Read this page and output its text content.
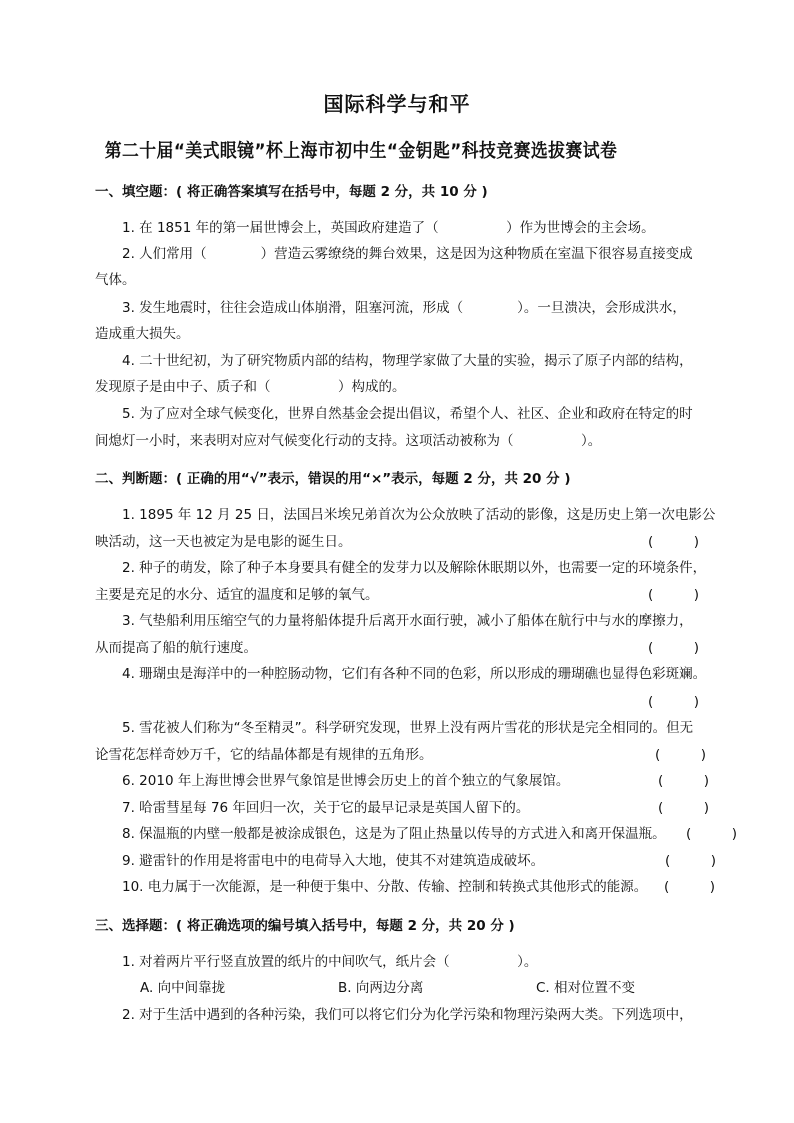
国际科学与和平
第二十届“美式眼镜”杯上海市初中生“金钥匙”科技竞赛选拔赛试卷
一、填空题：( 将正确答案填写在括号中，每题 2 分，共 10 分 )
1. 在 1851 年的第一届世博会上，英国政府建造了（　　　　　）作为世博会的主会场。
2. 人们常用（　　　　）营造云雾缭绕的舞台效果，这是因为这种物质在室温下很容易直接变成
气体。
3. 发生地震时，往往会造成山体崩滑，阻塞河流，形成（　　　　）。一旦溃决，会形成洪水，
造成重大损失。
4. 二十世纪初，为了研究物质内部的结构，物理学家做了大量的实验，揭示了原子内部的结构，
发现原子是由中子、质子和（　　　　　）构成的。
5. 为了应对全球气候变化，世界自然基金会提出倡议，希望个人、社区、企业和政府在特定的时
间熄灯一小时，来表明对应对气候变化行动的支持。这项活动被称为（　　　　　）。
二、判断题：( 正确的用“√”表示，错误的用“×”表示，每题 2 分，共 20 分 )
1. 1895 年 12 月 25 日，法国吕米埃兄弟首次为公众放映了活动的影像，这是历史上第一次电影公
映活动，这一天也被定为是电影的诞生日。	(　　　)
2. 种子的萌发，除了种子本身要具有健全的发芽力以及解除休眠期以外，也需要一定的环境条件，
主要是充足的水分、适宜的温度和足够的氧气。	(　　　)
3. 气垫船利用压缩空气的力量将船体提升后离开水面行驶，减小了船体在航行中与水的摩擦力，
从而提高了船的航行速度。	(　　　)
4. 珊瑚虫是海洋中的一种腔肠动物，它们有各种不同的色彩，所以形成的珊瑚礁也显得色彩斑斓。
(　　　)
5. 雪花被人们称为“冬至精灵”。科学研究发现，世界上没有两片雪花的形状是完全相同的。但无
论雪花怎样奇妙万千，它的结晶体都是有规律的五角形。	(　　　)
6. 2010 年上海世博会世界气象馆是世博会历史上的首个独立的气象展馆。	(　　　)
7. 哈雷彗星每 76 年回归一次，关于它的最早记录是英国人留下的。	(　　　)
8. 保温瓶的内壁一般都是被涂成银色，这是为了阻止热量以传导的方式进入和离开保温瓶。 (　　　)
9. 避雷针的作用是将雷电中的电荷导入大地，使其不对建筑造成破坏。	(　　　)
10. 电力属于一次能源，是一种便于集中、分散、传输、控制和转换式其他形式的能源。 (　　　)
三、选择题：( 将正确选项的编号填入括号中，每题 2 分，共 20 分 )
1. 对着两片平行竖直放置的纸片的中间吹气，纸片会（　　　　　）。
A. 向中间靠拢	B. 向两边分离	C. 相对位置不变
2. 对于生活中遇到的各种污染，我们可以将它们分为化学污染和物理污染两大类。下列选项中，
